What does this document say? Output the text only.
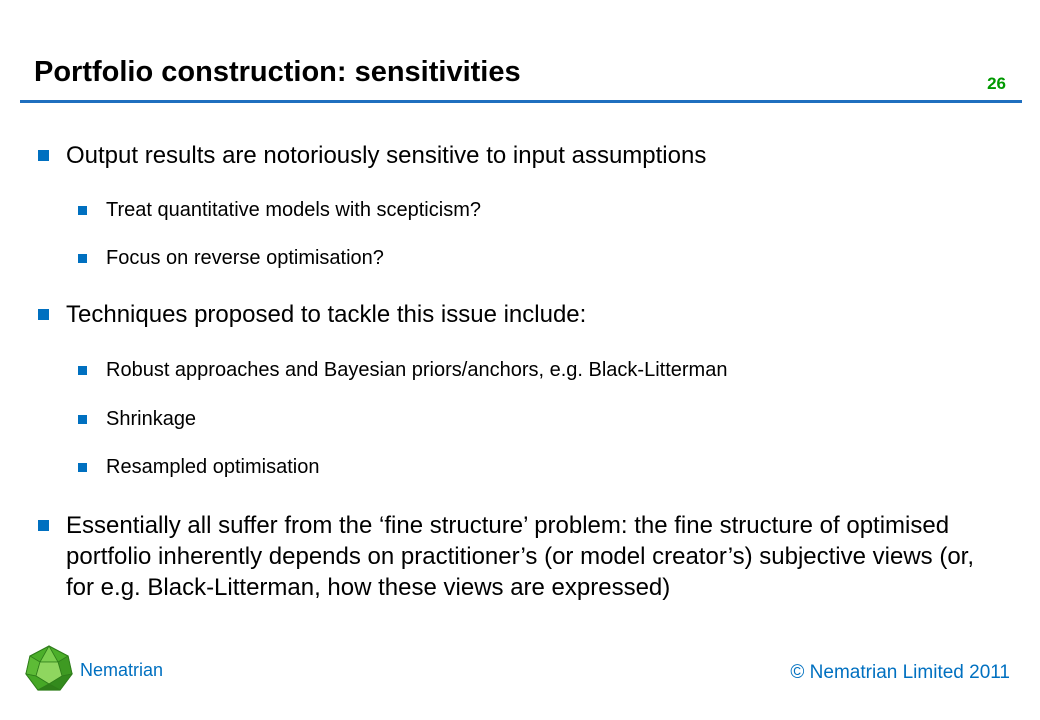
Portfolio construction: sensitivities	26
Output results are notoriously sensitive to input assumptions
Treat quantitative models with scepticism?
Focus on reverse optimisation?
Techniques proposed to tackle this issue include:
Robust approaches and Bayesian priors/anchors, e.g. Black-Litterman
Shrinkage
Resampled optimisation
Essentially all suffer from the ‘fine structure’ problem: the fine structure of optimised portfolio inherently depends on practitioner’s (or model creator’s) subjective views (or, for e.g. Black-Litterman, how these views are expressed)
Nematrian	© Nematrian Limited 2011
